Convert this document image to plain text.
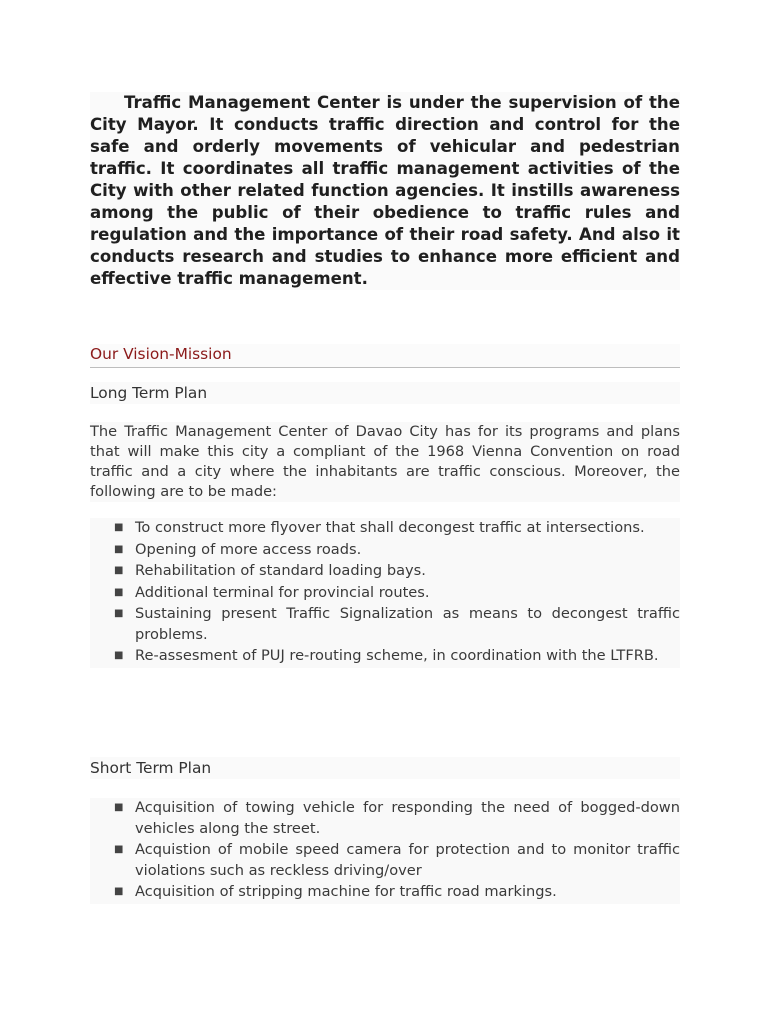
Traffic Management Center is under the supervision of the City Mayor. It conducts traffic direction and control for the safe and orderly movements of vehicular and pedestrian traffic. It coordinates all traffic management activities of the City with other related function agencies. It instills awareness among the public of their obedience to traffic rules and regulation and the importance of their road safety. And also it conducts research and studies to enhance more efficient and effective traffic management.

Our Vision-Mission
Long Term Plan

The Traffic Management Center of Davao City has for its programs and plans that will make this city a compliant of the 1968 Vienna Convention on road traffic and a city where the inhabitants are traffic conscious. Moreover, the following are to be made:

■ To construct more flyover that shall decongest traffic at intersections.
■ Opening of more access roads.
■ Rehabilitation of standard loading bays.
■ Additional terminal for provincial routes.
■ Sustaining present Traffic Signalization as means to decongest traffic problems.
■ Re-assesment of PUJ re-routing scheme, in coordination with the LTFRB.
Short Term Plan
■ Acquisition of towing vehicle for responding the need of bogged-down vehicles along the street.
■ Acquistion of mobile speed camera for protection and to monitor traffic violations such as reckless driving/over
■ Acquisition of stripping machine for traffic road markings.
